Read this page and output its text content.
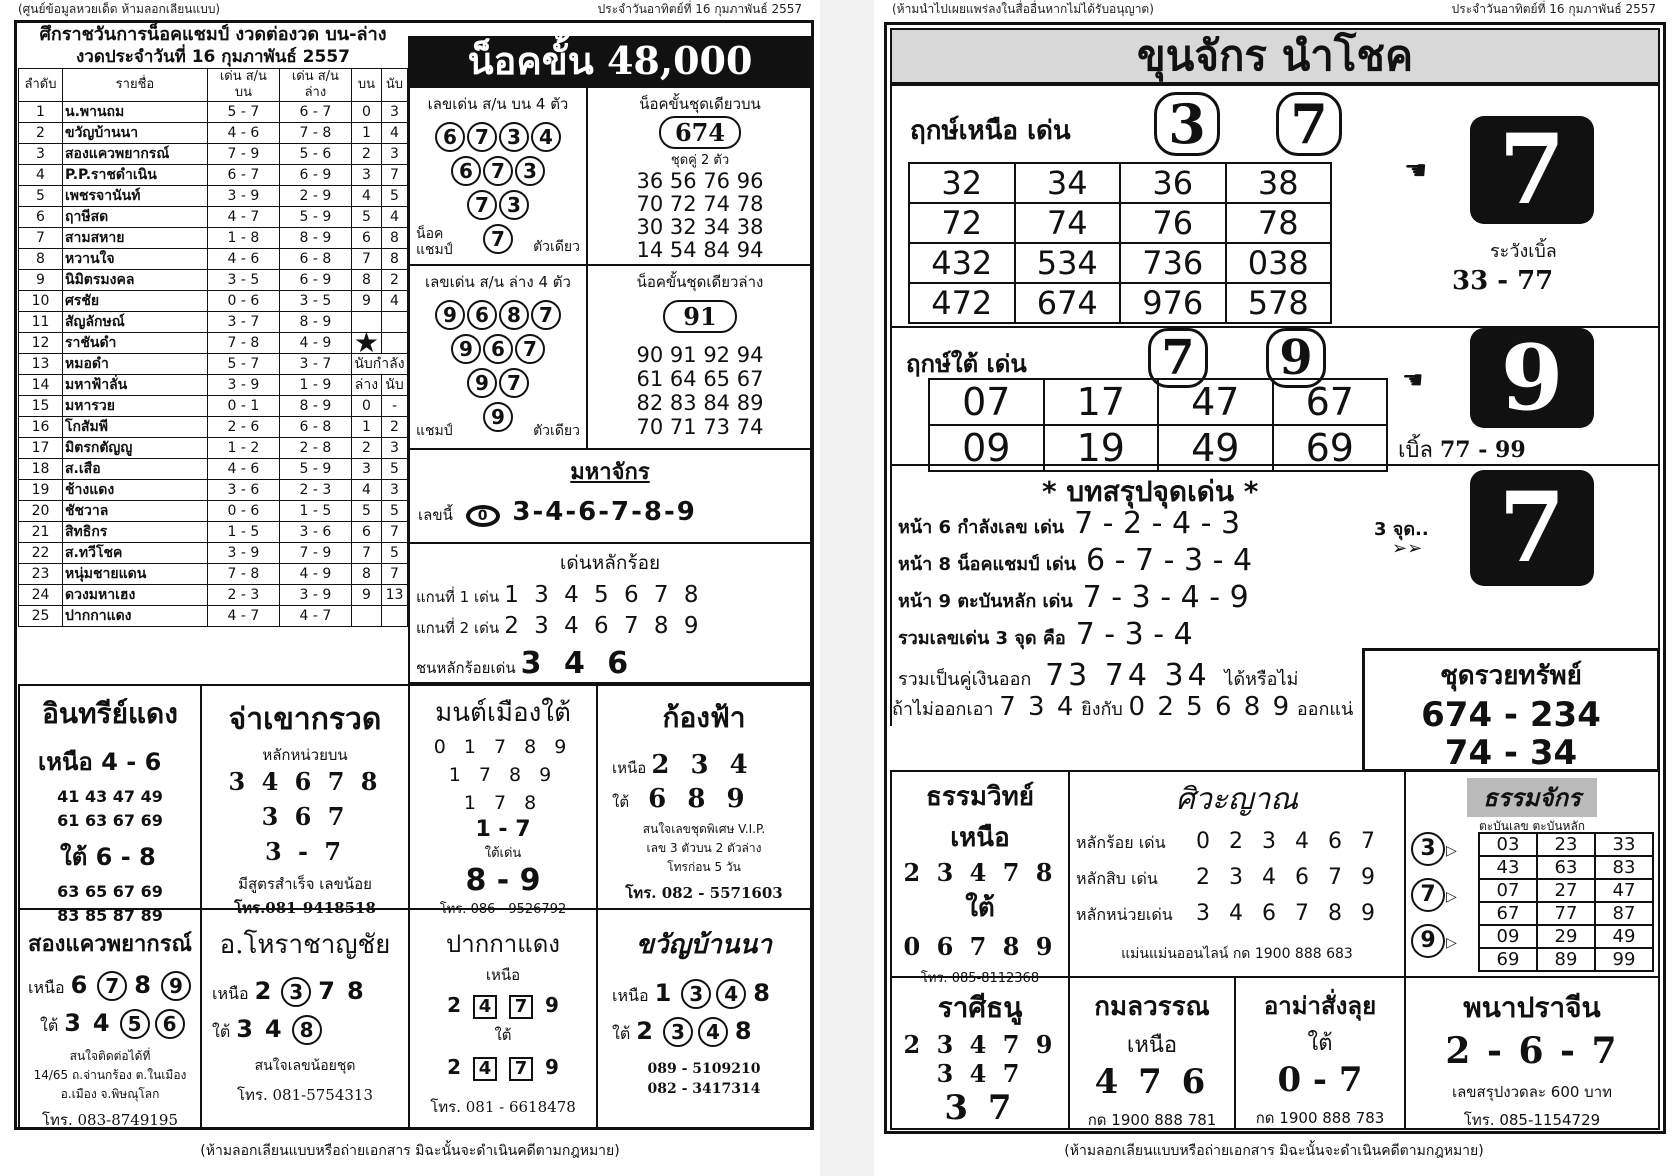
(ศูนย์ข้อมูลหวยเด็ด ห้ามลอกเลียนแบบ)	ประจำวันอาทิตย์ที่ 16 กุมภาพันธ์ 2557
ศึกราชวันการน็อคแชมป์ งวดต่องวด บน-ล่าง
งวดประจำวันที่ 16 กุมภาพันธ์ 2557
ลำดับ	รายชื่อ	เด่น ส/น บน	เด่น ส/น ล่าง	บน	นับ
1	น.พานถม	5 - 7	6 - 7	0	3
2	ขวัญบ้านนา	4 - 6	7 - 8	1	4
3	สองแควพยากรณ์	7 - 9	5 - 6	2	3
4	P.P.ราชดำเนิน	6 - 7	6 - 9	3	7
5	เพชรจานันท์	3 - 9	2 - 9	4	5
6	ฤาษีสด	4 - 7	5 - 9	5	4
7	สามสหาย	1 - 8	8 - 9	6	8
8	หวานใจ	4 - 6	6 - 8	7	8
9	นิมิตรมงคล	3 - 5	6 - 9	8	2
10	ศรชัย	0 - 6	3 - 5	9	4
11	สัญลักษณ์	3 - 7	8 - 9		
12	ราชันดำ	7 - 8	4 - 9	★	
13	หมอดำ	5 - 7	3 - 7	นับกำลัง	
14	มหาฟ้าลั่น	3 - 9	1 - 9	ล่าง	นับ
15	มหารวย	0 - 1	8 - 9	0	-
16	โกสัมพี	2 - 6	6 - 8	1	2
17	มิตรกตัญญู	1 - 2	2 - 8	2	3
18	ส.เสือ	4 - 6	5 - 9	3	5
19	ช้างแดง	3 - 6	2 - 3	4	3
20	ชัชวาล	0 - 6	1 - 5	5	5
21	สิทธิกร	1 - 5	3 - 6	6	7
22	ส.ทวีโชค	3 - 9	7 - 9	7	5
23	หนุ่มชายแดน	7 - 8	4 - 9	8	7
24	ดวงมหาเฮง	2 - 3	3 - 9	9	13
25	ปากกาแดง	4 - 7	4 - 7		
น็อคขั้น 48,000
เลขเด่น ส/น บน 4 ตัว
6 7 3 4
6 7 3
7 3
7
น็อค
แชมป์	ตัวเดียว
น็อคขั้นชุดเดียวบน
674
ชุดคู่ 2 ตัว
36 56 76 96
70 72 74 78
30 32 34 38
14 54 84 94
เลขเด่น ส/น ล่าง 4 ตัว
9 6 8 7
9 6 7
9 7
9
แชมป์	ตัวเดียว
น็อคขั้นชุดเดียวล่าง
91
90 91 92 94
61 64 65 67
82 83 84 89
70 71 73 74
มหาจักร
เลขนี้ 0 3-4-6-7-8-9
เด่นหลักร้อย
แกนที่ 1 เด่น 1 3 4 5 6 7 8
แกนที่ 2 เด่น 2 3 4 6 7 8 9
ชนหลักร้อยเด่น 3 4 6
อินทรีย์แดง
เหนือ 4 - 6
41 43 47 49
61 63 67 69
ใต้ 6 - 8
63 65 67 69
83 85 87 89
จ่าเขากรวด
หลักหน่วยบน
3 4 6 7 8
3 6 7
3 - 7
มีสูตรสำเร็จ เลขน้อย
โทร.081-9418518
มนต์เมืองใต้
0 1 7 8 9
1 7 8 9
1 7 8
1 - 7
ใต้เด่น
8 - 9
โทร. 086 - 9526792
ก้องฟ้า
เหนือ 2 3 4
ใต้ 6 8 9
สนใจเลขชุดพิเศษ V.I.P.
เลข 3 ตัวบน 2 ตัวล่าง
โทรก่อน 5 วัน
โทร. 082 - 5571603
สองแควพยากรณ์
เหนือ 6 7 8 9
ใต้ 3 4 5 6
สนใจติดต่อได้ที่
14/65 ถ.จ่านกร้อง ต.ในเมือง
อ.เมือง จ.พิษณุโลก
โทร. 083-8749195
อ.โหราชาญชัย
เหนือ 2 3 7 8
ใต้ 3 4 8
สนใจเลขน้อยชุด
โทร. 081-5754313
ปากกาแดง
เหนือ
2 4 7 9
ใต้
2 4 7 9
โทร. 081 - 6618478
ขวัญบ้านนา
เหนือ 1 3 4 8
ใต้ 2 3 4 8
089 - 5109210
082 - 3417314
(ห้ามลอกเลียนแบบหรือถ่ายเอกสาร มิฉะนั้นจะดำเนินคดีตามกฎหมาย)
(ห้ามนำไปเผยแพร่ลงในสื่ออื่นหากไม่ได้รับอนุญาต)	ประจำวันอาทิตย์ที่ 16 กุมภาพันธ์ 2557
ขุนจักร นำโชค
ฤกษ์เหนือ เด่น 3 7
32	34	36	38
72	74	76	78
432	534	736	038
472	674	976	578
☚ 7
ระวังเบิ้ล
33 - 77
ฤกษ์ใต้ เด่น	7 9
07	17	47	67
09	19	49	69
☚ 9
เบิ้ล 77 - 99
* บทสรุปจุดเด่น *
หน้า 6 กำลังเลข เด่น 7 - 2 - 4 - 3
หน้า 8 น็อคแชมป์ เด่น 6 - 7 - 3 - 4
หน้า 9 ตะบันหลัก เด่น 7 - 3 - 4 - 9
รวมเลขเด่น 3 จุด คือ 7 - 3 - 4
รวมเป็นคู่เงินออก 73 74 34 ได้หรือไม่
ถ้าไม่ออกเอา 7 3 4 ยิงกับ 0 2 5 6 8 9 ออกแน่
3 จุด..
➢➢ 7
ชุดรวยทรัพย์
674 - 234
74 - 34
ธรรมวิทย์
เหนือ
2 3 4 7 8
ใต้
0 6 7 8 9
โทร. 085-8112368
ศิวะญาณ
หลักร้อย เด่น 0 2 3 4 6 7
หลักสิบ เด่น 2 3 4 6 7 9
หลักหน่วยเด่น 3 4 6 7 8 9
แม่นแม่นออนไลน์ กด 1900 888 683
ธรรมจักร
ตะบันเลข ตะบันหลัก
3 ▷
7 ▷
9 ▷
03	23	33
43	63	83
07	27	47
67	77	87
09	29	49
69	89	99
ราศีธนู
2 3 4 7 9
3 4 7
3 7
กมลวรรณ
เหนือ
4 7 6
กด 1900 888 781
อาม่าสั่งลุย
ใต้
0 - 7
กด 1900 888 783
พนาปราจีน
2 - 6 - 7
เลขสรุปงวดละ 600 บาท
โทร. 085-1154729
(ห้ามลอกเลียนแบบหรือถ่ายเอกสาร มิฉะนั้นจะดำเนินคดีตามกฎหมาย)
